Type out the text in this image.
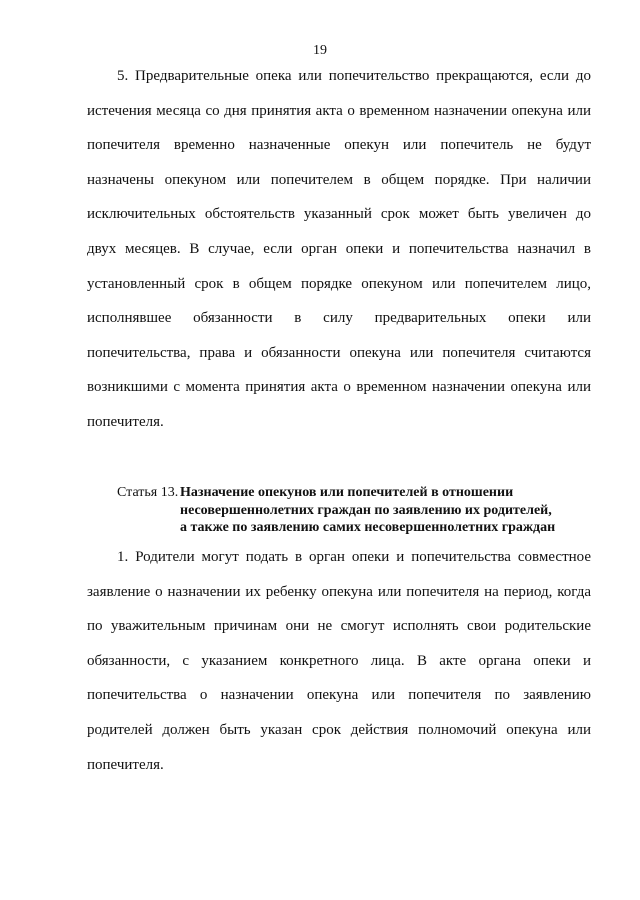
19
5. Предварительные опека или попечительство прекращаются, если до
истечения месяца со дня принятия акта о временном назначении опекуна или
попечителя временно назначенные опекун или попечитель не будут
назначены опекуном или попечителем в общем порядке. При наличии
исключительных обстоятельств указанный срок может быть увеличен до
двух месяцев. В случае, если орган опеки и попечительства назначил в
установленный срок в общем порядке опекуном или попечителем лицо,
исполнявшее обязанности в силу предварительных опеки или
попечительства, права и обязанности опекуна или попечителя считаются
возникшими с момента принятия акта о временном назначении опекуна или
попечителя.
Статья 13. Назначение опекунов или попечителей в отношении
несовершеннолетних граждан по заявлению их родителей,
а также по заявлению самих несовершеннолетних граждан
1. Родители могут подать в орган опеки и попечительства совместное
заявление о назначении их ребенку опекуна или попечителя на период, когда
по уважительным причинам они не смогут исполнять свои родительские
обязанности, с указанием конкретного лица. В акте органа опеки и
попечительства о назначении опекуна или попечителя по заявлению
родителей должен быть указан срок действия полномочий опекуна или
попечителя.
